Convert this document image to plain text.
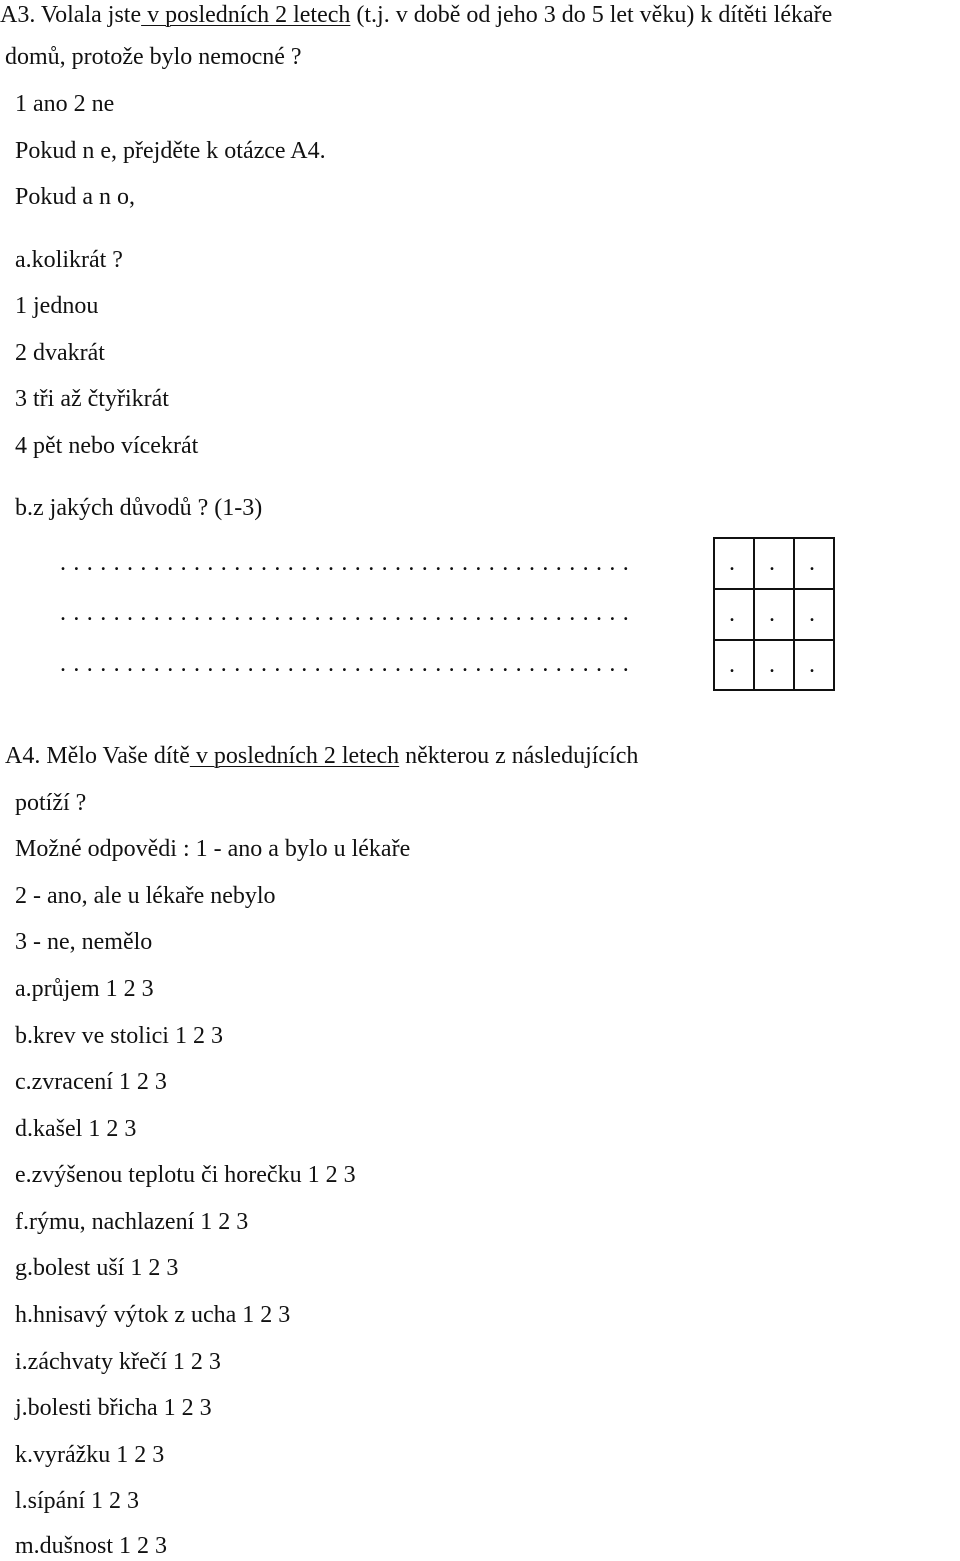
A3. Volala jste v posledních 2 letech (t.j. v době od jeho 3 do 5 let věku) k dítěti lékaře
domů, protože bylo nemocné ?
1 ano 2 ne
Pokud n e, přejděte k otázce A4.
Pokud a n o,
a.kolikrát ?
1 jednou
2 dvakrát
3 tři až čtyřikrát
4 pět nebo vícekrát
b.z jakých důvodů ? (1-3)
...........................................
...........................................
...........................................
. . .
. . .
. . .
A4. Mělo Vaše dítě v posledních 2 letech některou z následujících
potíží ?
Možné odpovědi : 1 - ano a bylo u lékaře
2 - ano, ale u lékaře nebylo
3 - ne, nemělo
a.průjem 1 2 3
b.krev ve stolici 1 2 3
c.zvracení 1 2 3
d.kašel 1 2 3
e.zvýšenou teplotu či horečku 1 2 3
f.rýmu, nachlazení 1 2 3
g.bolest uší 1 2 3
h.hnisavý výtok z ucha 1 2 3
i.záchvaty křečí 1 2 3
j.bolesti břicha 1 2 3
k.vyrážku 1 2 3
l.sípání 1 2 3
m.dušnost 1 2 3
